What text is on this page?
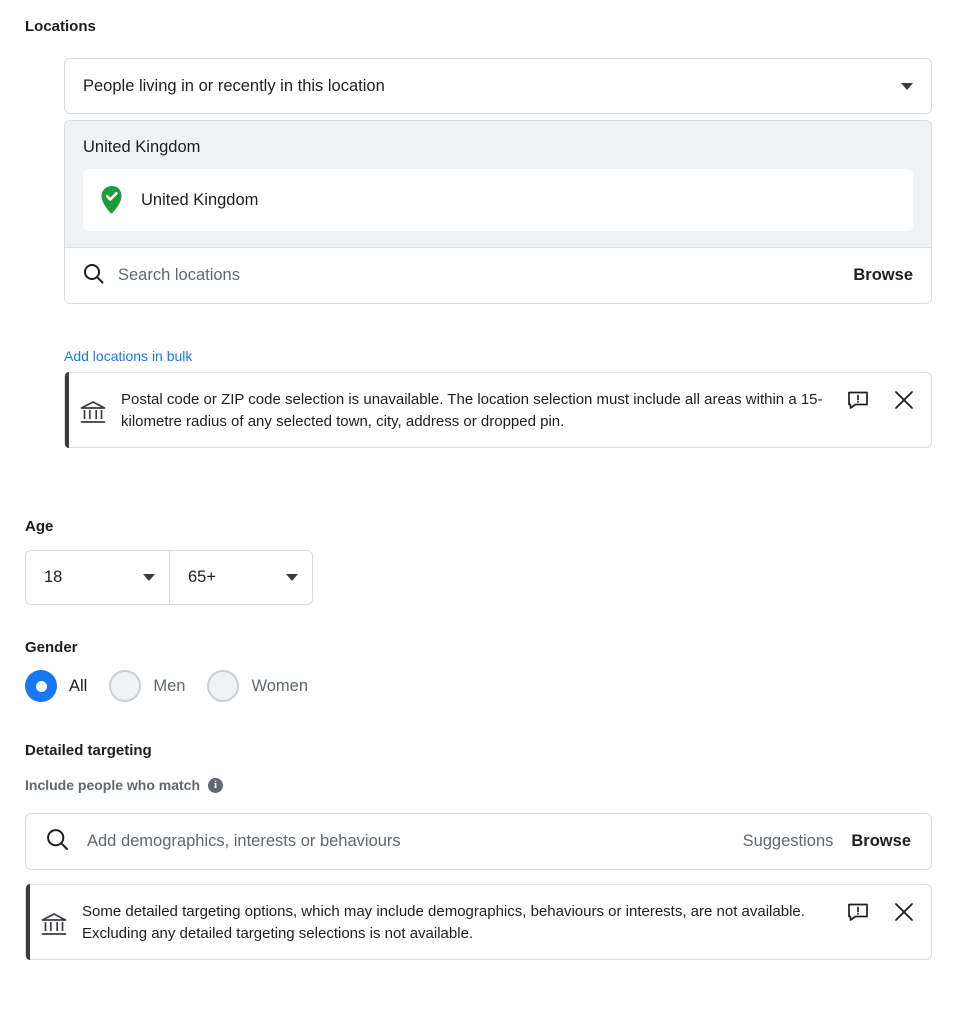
Locations
People living in or recently in this location
United Kingdom
United Kingdom
Search locations	Browse
Add locations in bulk
Postal code or ZIP code selection is unavailable. The location selection must include all areas within a 15-kilometre radius of any selected town, city, address or dropped pin.
Age
18	65+
Gender
All	Men	Women
Detailed targeting
Include people who match	i
Add demographics, interests or behaviours	Suggestions Browse
Some detailed targeting options, which may include demographics, behaviours or interests, are not available. Excluding any detailed targeting selections is not available.
